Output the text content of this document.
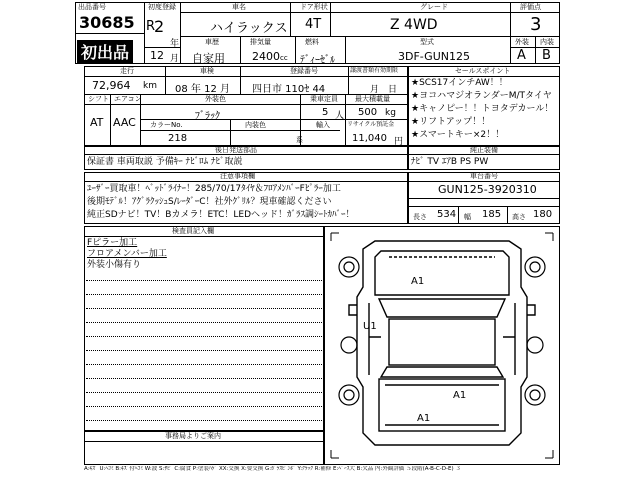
出品番号
30685
初出品
初度登録
R
2
年
12 月
車名
ハイラックス
ドア形状
4T
グレード
Z 4WD
評価点
3
車歴
自家用
排気量
2400 cc
燃料
ﾃﾞｨｰｾﾞﾙ
型式
3DF-GUN125
外装 内装
A B
走行
72,964 km
車検
08 年 12 月
登録番号
四日市 110ｾ 44
譲渡書類有効期限
月　日
シフト エアコン
AT AAC
外装色
ﾌﾞﾗｯｸ
カラーNo.	内装色
218
乗車定員
5 人
最大積載量
500 kg
輸入	リサイクル預託金
系	11,040 円
セールスポイント
★SCS17インチAW！！
★ヨコハマジオランダーM/Tタイヤ
★キャノピー！！トヨタデカール！
★リフトアップ！！
★スマートキー×2！！
後日発送部品
保証書 車両取説 予備ｷｰ ﾅﾋﾞﾛﾑ ﾅﾋﾞ取説
純正装備
ﾅﾋﾞ TV ｴｱB PS PW
注意事項欄
ﾕｰｻﾞｰ買取車！ﾍﾞｯﾄﾞﾗｲﾅｰ！285/70/17ﾀｲﾔ＆ﾌﾛｱﾒﾝﾊﾞｰFﾋﾟﾗｰ加工
後期ﾓﾃﾞﾙ！ｱｸﾞﾗｸｯｼｭS/ﾚｰﾀﾞｰC！社外ｸﾞﾘﾙ？現車確認ください
純正SDナビ！TV！Bカメラ！ETC！LEDヘッド！ｶﾞﾗｽ調ｼｰﾄｶﾊﾞｰ！
車台番号
GUN125-3920310
長さ 534 幅 185 高さ 180
検査員記入欄
Fピラー加工
フロアメンバー加工
外装小傷有り
事務局よりご案内
A1
U1
A1
A1
A:ｷｽﾞ U:ﾍｺﾐ B:ｷｽﾞ付ﾍｺﾐ W:波 S:ｻﾋﾞ C:腐食 P:塗装ﾊｹﾞ XX:交換 X:要交換 G:ｶﾞﾗｽﾋﾞﾝﾎﾟ Y:ｸﾗｯｸ R:補修 E:ﾍﾟｰｽ大 B:欠品 内:外観評価 ５段階(A-B-C-D-E) ３
